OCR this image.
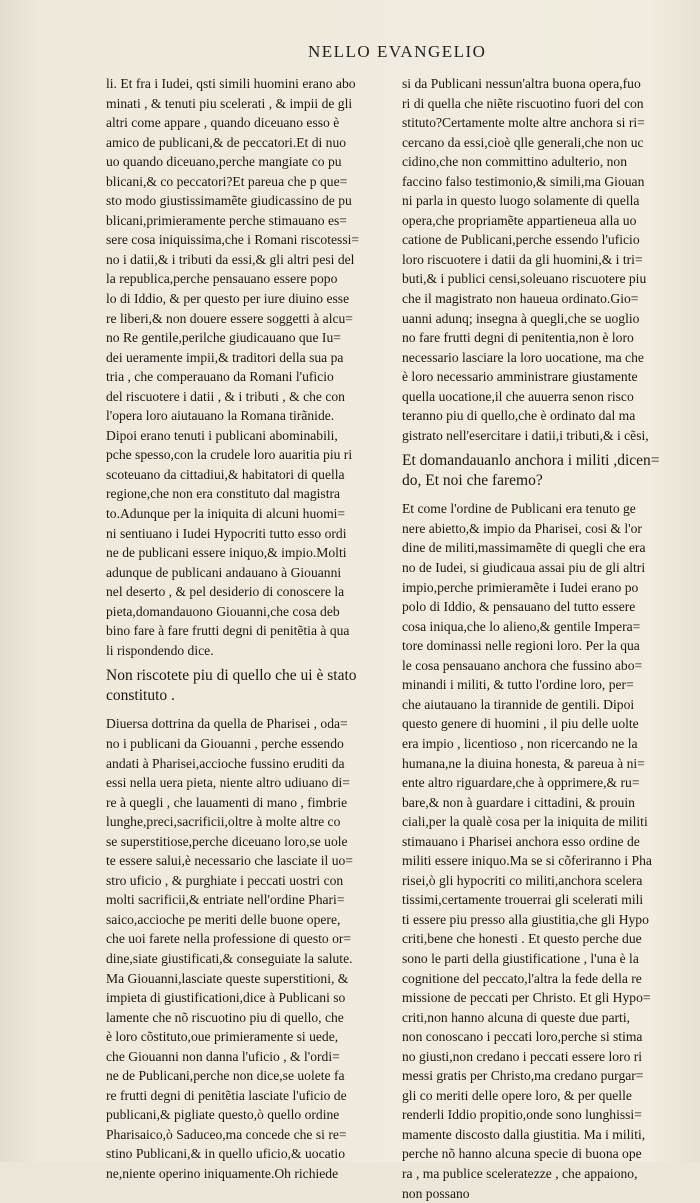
NELLO EVANGELIO

li. Et fra i Iudei, qsti simili huomini erano abo
minati , & tenuti piu scelerati , & impii de gli
altri come appare , quando diceuano esso è
amico de publicani,& de peccatori.Et di nuo
uo quando diceuano,perche mangiate co pu
blicani,& co peccatori?Et pareua che p que=
sto modo giustissimamẽte giudicassino de pu
blicani,primieramente perche stimauano es=
sere cosa iniquissima,che i Romani riscotessi=
no i datii,& i tributi da essi,& gli altri pesi del
la republica,perche pensauano essere popo
lo di Iddio, & per questo per iure diuino esse
re liberi,& non douere essere soggetti à alcu=
no Re gentile,perilche giudicauano que Iu=
dei ueramente impii,& traditori della sua pa
tria , che comperauano da Romani l'uficio
del riscuotere i datii , & i tributi , & che con
l'opera loro aiutauano la Romana tirãnide.
Dipoi erano tenuti i publicani abominabili,
pche spesso,con la crudele loro auaritia piu ri
scoteuano da cittadiui,& habitatori di quella
regione,che non era constituto dal magistra
to.Adunque per la iniquita di alcuni huomi=
ni sentiuano i Iudei Hypocriti tutto esso ordi
ne de publicani essere iniquo,& impio.Molti
adunque de publicani andauano à Giouanni
nel deserto , & pel desiderio di conoscere la
pieta,domandauono Giouanni,che cosa deb
bino fare à fare frutti degni di penitẽtia à qua
li rispondendo dice.

Non riscotete piu di quello che ui è stato
constituto .

Diuersa dottrina da quella de Pharisei , oda=
no i publicani da Giouanni , perche essendo
andati à Pharisei,accioche fussino eruditi da
essi nella uera pieta, niente altro udiuano di=
re à quegli , che lauamenti di mano , fimbrie
lunghe,preci,sacrificii,oltre à molte altre co
se superstitiose,perche diceuano loro,se uole
te essere salui,è necessario che lasciate il uo=
stro uficio , & purghiate i peccati uostri con
molti sacrificii,& entriate nell'ordine Phari=
saico,accioche pe meriti delle buone opere,
che uoi farete nella professione di questo or=
dine,siate giustificati,& conseguiate la salute.
Ma Giouanni,lasciate queste superstitioni, &
impieta di giustificationi,dice à Publicani so
lamente che nõ riscuotino piu di quello, che
è loro cõstituto,oue primieramente si uede,
che Giouanni non danna l'uficio , & l'ordi=
ne de Publicani,perche non dice,se uolete fa
re frutti degni di penitẽtia lasciate l'uficio de
publicani,& pigliate questo,ò quello ordine
Pharisaico,ò Saduceo,ma concede che si re=
stino Publicani,& in quello uficio,& uocatio
ne,niente operino iniquamente.Oh richiede

si da Publicani nessun'altra buona opera,fuo
ri di quella che niẽte riscuotino fuori del con
stituto?Certamente molte altre anchora si ri=
cercano da essi,cioè qlle generali,che non uc
cidino,che non committino adulterio, non
faccino falso testimonio,& simili,ma Giouan
ni parla in questo luogo solamente di quella
opera,che propriamẽte appartieneua alla uo
catione de Publicani,perche essendo l'uficio
loro riscuotere i datii da gli huomini,& i tri=
buti,& i publici censi,soleuano riscuotere piu
che il magistrato non haueua ordinato.Gio=
uanni adunq; insegna à quegli,che se uoglio
no fare frutti degni di penitentia,non è loro
necessario lasciare la loro uocatione, ma che
è loro necessario amministrare giustamente
quella uocatione,il che auuerra senon risco
teranno piu di quello,che è ordinato dal ma
gistrato nell'esercitare i datii,i tributi,& i cẽsi,

Et domandauanlo anchora i militi ,dicen=
do, Et noi che faremo?

Et come l'ordine de Publicani era tenuto ge
nere abietto,& impio da Pharisei, cosi & l'or
dine de militi,massimamẽte di quegli che era
no de Iudei, si giudicaua assai piu de gli altri
impio,perche primieramẽte i Iudei erano po
polo di Iddio, & pensauano del tutto essere
cosa iniqua,che lo alieno,& gentile Impera=
tore dominassi nelle regioni loro. Per la qua
le cosa pensauano anchora che fussino abo=
minandi i militi, & tutto l'ordine loro, per=
che aiutauano la tirannide de gentili. Dipoi
questo genere di huomini , il piu delle uolte
era impio , licentioso , non ricercando ne la
humana,ne la diuina honesta, & pareua à ni=
ente altro riguardare,che à opprimere,& ru=
bare,& non à guardare i cittadini, & prouin
ciali,per la qualè cosa per la iniquita de militi
stimauano i Pharisei anchora esso ordine de
militi essere iniquo.Ma se si cõferiranno i Pha
risei,ò gli hypocriti co militi,anchora scelera
tissimi,certamente trouerrai gli scelerati mili
ti essere piu presso alla giustitia,che gli Hypo
criti,bene che honesti . Et questo perche due
sono le parti della giustificatione , l'una è la
cognitione del peccato,l'altra la fede della re
missione de peccati per Christo. Et gli Hypo=
criti,non hanno alcuna di queste due parti,
non conoscano i peccati loro,perche si stima
no giusti,non credano i peccati essere loro ri
messi gratis per Christo,ma credano purgar=
gli co meriti delle opere loro, & per quelle
renderli Iddio propitio,onde sono lunghissi=
mamente discosto dalla giustitia. Ma i militi,
perche nõ hanno alcuna specie di buona ope
ra , ma publice sceleratezze , che appaiono,
non possano
